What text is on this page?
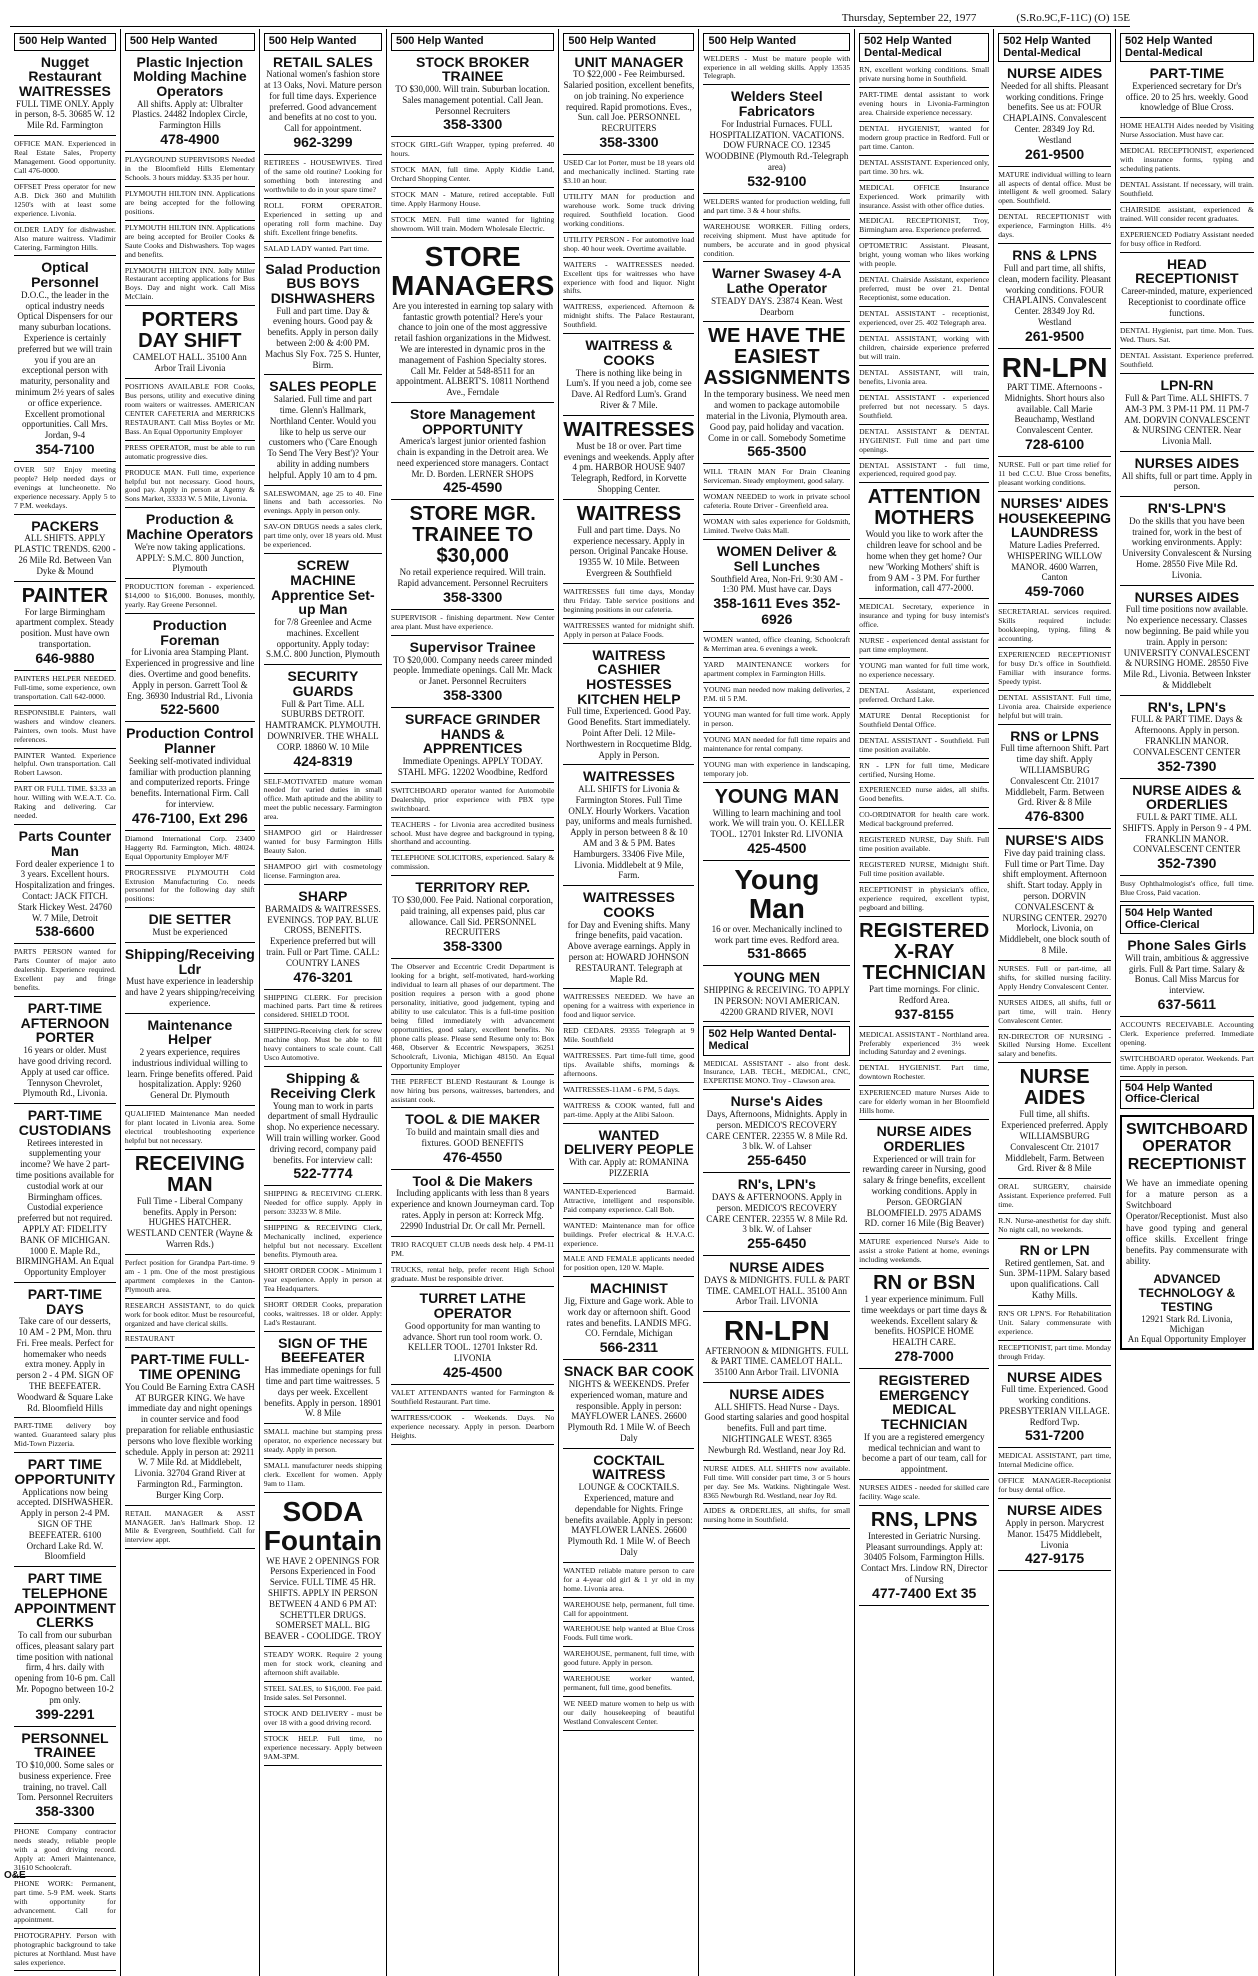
Thursday, September 22, 1977	(S.Ro.9C,F-11C) (O) 15E
500 Help Wanted
Nugget Restaurant WAITRESSES
FULL TIME ONLY. Apply in person, 8-5. 30685 W. 12 Mile Rd. Farmington
OFFICE MAN. Experienced in Real Estate Sales, Property Management. Good opportunity. Call 476-0000.
OFFSET Press operator for new A.B. Dick 360 and Multilith 1250's with at least some experience. Livonia.
OLDER LADY for dishwasher. Also mature waitress. Vladimir Catering, Farmington Hills.
Optical Personnel
D.O.C., the leader in the optical industry needs Optical Dispensers for our many suburban locations. Experience is certainly preferred but we will train you if you are an exceptional person with maturity, personality and minimum 2½ years of sales or office experience. Excellent promotional opportunities. Call Mrs. Jordan, 9-4
354-7100
OVER 50? Enjoy meeting people? Help needed days or evenings at luncheonette. No experience necessary. Apply 5 to 7 P.M. weekdays.
PACKERS
ALL SHIFTS. APPLY PLASTIC TRENDS. 6200 - 26 Mile Rd. Between Van Dyke & Mound
PAINTER
For large Birmingham apartment complex. Steady position. Must have own transportation.
646-9880
PAINTERS HELPER NEEDED. Full-time, some experience, own transportation. Call 642-0000.
RESPONSIBLE Painters, wall washers and window cleaners. Painters, own tools. Must have references.
PAINTER Wanted. Experience helpful. Own transportation. Call Robert Lawson.
PART OR FULL TIME. $3.33 an hour. Willing with W.E.A.T. Co. Raking and delivering. Car needed.
Parts Counter Man
Ford dealer experience 1 to 3 years. Excellent hours. Hospitalization and fringes. Contact: JACK FITCH. Stark Hickey West. 24760 W. 7 Mile, Detroit
538-6600
PARTS PERSON wanted for Parts Counter of major auto dealership. Experience required. Excellent pay and fringe benefits.
PART-TIME AFTERNOON PORTER
16 years or older. Must have good driving record. Apply at used car office. Tennyson Chevrolet, Plymouth Rd., Livonia.
PART-TIME CUSTODIANS
Retirees interested in supplementing your income? We have 2 part-time positions available for custodial work at our Birmingham offices. Custodial experience preferred but not required. APPLY AT: FIDELITY BANK OF MICHIGAN. 1000 E. Maple Rd., BIRMINGHAM. An Equal Opportunity Employer
PART-TIME DAYS
Take care of our desserts, 10 AM - 2 PM, Mon. thru Fri. Free meals. Perfect for homemaker who needs extra money. Apply in person 2 - 4 PM. SIGN OF THE BEEFEATER. Woodward & Square Lake Rd. Bloomfield Hills
PART-TIME delivery boy wanted. Guaranteed salary plus Mid-Town Pizzeria.
PART TIME OPPORTUNITY
Applications now being accepted. DISHWASHER. Apply in person 2-4 PM. SIGN OF THE BEEFEATER. 6100 Orchard Lake Rd. W. Bloomfield
PART TIME TELEPHONE APPOINTMENT CLERKS
To call from our suburban offices, pleasant salary part time position with national firm, 4 hrs. daily with opening from 10-6 pm. Call Mr. Popogno between 10-2 pm only.
399-2291
PERSONNEL TRAINEE
TO $10,000. Some sales or business experience. Free training, no travel. Call Tom. Personnel Recruiters
358-3300
PHONE Company contractor needs steady, reliable people with a good driving record. Apply at: Ameri Maintenance, 31610 Schoolcraft.
PHONE WORK: Permanent, part time. 5-9 P.M. week. Starts with opportunity for advancement. Call for appointment.
PHOTOGRAPHY. Person with photographic background to take pictures at Northland. Must have sales experience.
500 Help Wanted
Plastic Injection Molding Machine Operators
All shifts. Apply at: Ulbralter Plastics. 24482 Indoplex Circle, Farmington Hills
478-4900
PLAYGROUND SUPERVISORS Needed in the Bloomfield Hills Elementary Schools. 3 hours midday. $3.35 per hour.
PLYMOUTH HILTON INN. Applications are being accepted for the following positions.
PLYMOUTH HILTON INN. Applications are being accepted for Broiler Cooks & Saute Cooks and Dishwashers. Top wages and benefits.
PLYMOUTH HILTON INN. Jolly Miller Restaurant accepting applications for Bus Boys. Day and night work. Call Miss McClain.
PORTERS DAY SHIFT
CAMELOT HALL. 35100 Ann Arbor Trail Livonia
POSITIONS AVAILABLE FOR Cooks, Bus persons, utility and executive dining room waiters or waitresses. AMERICAN CENTER CAFETERIA and MERRICKS RESTAURANT. Call Miss Boyles or Mr. Bass. An Equal Opportunity Employer
PRESS OPERATOR, must be able to run automatic progressive dies.
PRODUCE MAN. Full time, experience helpful but not necessary. Good hours, good pay. Apply in person at Agemy & Sons Market, 33333 W. 5 Mile, Livonia.
Production & Machine Operators
We're now taking applications. APPLY: S.M.C. 800 Junction, Plymouth
PRODUCTION foreman - experienced. $14,000 to $16,000. Bonuses, monthly, yearly. Ray Greene Personnel.
Production Foreman
for Livonia area Stamping Plant. Experienced in progressive and line dies. Overtime and good benefits. Apply in person. Garrett Tool & Eng. 36930 Industrial Rd., Livonia
522-5600
Production Control Planner
Seeking self-motivated individual familiar with production planning and computerized reports. Fringe benefits. International Firm. Call for interview.
476-7100, Ext 296
Diamond International Corp. 23400 Haggerty Rd. Farmington, Mich. 48024. Equal Opportunity Employer M/F
PROGRESSIVE PLYMOUTH Cold Extrusion Manufacturing Co. needs personnel for the following day shift positions:
DIE SETTER
Must be experienced
Shipping/Receiving Ldr
Must have experience in leadership and have 2 years shipping/receiving experience.
Maintenance Helper
2 years experience, requires industrious individual willing to learn. Fringe benefits offered. Paid hospitalization. Apply: 9260 General Dr. Plymouth
QUALIFIED Maintenance Man needed for plant located in Livonia area. Some electrical troubleshooting experience helpful but not necessary.
RECEIVING MAN
Full Time - Liberal Company benefits. Apply in Person: HUGHES HATCHER. WESTLAND CENTER (Wayne & Warren Rds.)
Perfect position for Grandpa Part-time. 9 am - 1 pm. One of the most prestigious apartment complexes in the Canton-Plymouth area.
RESEARCH ASSISTANT, to do quick work for book editor. Must be resourceful, organized and have clerical skills.
RESTAURANT
PART-TIME FULL-TIME OPENING
You Could Be Earning Extra CASH AT BURGER KING. We have immediate day and night openings in counter service and food preparation for reliable enthusiastic persons who love flexible working schedule. Apply in person at: 29211 W. 7 Mile Rd. at Middlebelt, Livonia. 32704 Grand River at Farmington Rd., Farmington. Burger King Corp.
RETAIL MANAGER & ASST MANAGER. Jan's Hallmark Shop. 12 Mile & Evergreen, Southfield. Call for interview appt.
500 Help Wanted
RETAIL SALES
National women's fashion store at 13 Oaks, Novi. Mature person for full time days. Experience preferred. Good advancement and benefits at no cost to you. Call for appointment.
962-3299
RETIREES - HOUSEWIVES. Tired of the same old routine? Looking for something both interesting and worthwhile to do in your spare time?
ROLL FORM OPERATOR. Experienced in setting up and operating roll form machine. Day shift. Excellent fringe benefits.
SALAD LADY wanted. Part time.
Salad Production BUS BOYS DISHWASHERS
Full and part time. Day & evening hours. Good pay & benefits. Apply in person daily between 2:00 & 4:00 PM. Machus Sly Fox. 725 S. Hunter, Birm.
SALES PEOPLE
Salaried. Full time and part time. Glenn's Hallmark, Northland Center. Would you like to help us serve our customers who ('Care Enough To Send The Very Best')? Your ability in adding numbers helpful. Apply 10 am to 4 pm.
SALESWOMAN, age 25 to 40. Fine linens and bath accessories. No evenings. Apply in person only.
SAV-ON DRUGS needs a sales clerk, part time only, over 18 years old. Must be experienced.
SCREW MACHINE Apprentice Set-up Man
for 7/8 Greenlee and Acme machines. Excellent opportunity. Apply today: S.M.C. 800 Junction, Plymouth
SECURITY GUARDS
Full & Part Time. ALL SUBURBS DETROIT. HAMTRAMCK. PLYMOUTH. DOWNRIVER. THE WHALL CORP. 18860 W. 10 Mile
424-8319
SELF-MOTIVATED mature woman needed for varied duties in small office. Math aptitude and the ability to meet the public necessary. Farmington area.
SHAMPOO girl or Hairdresser wanted for busy Farmington Hills Beauty Salon.
SHAMPOO girl with cosmetology license. Farmington area.
SHARP
BARMAIDS & WAITRESSES. EVENINGS. TOP PAY. BLUE CROSS, BENEFITS. Experience preferred but will train. Full or Part Time. CALL: COUNTRY LANES
476-3201
SHIPPING CLERK. For precision machined parts. Part time & retirees considered. SHIELD TOOL
SHIPPING-Receiving clerk for screw machine shop. Must be able to fill heavy containers to scale count. Call Usco Automotive.
Shipping & Receiving Clerk
Young man to work in parts department of small Hydraulic shop. No experience necessary. Will train willing worker. Good driving record, company paid benefits. For interview call:
522-7774
SHIPPING & RECEIVING CLERK. Needed for office supply. Apply in person: 33233 W. 8 Mile.
SHIPPING & RECEIVING Clerk, Mechanically inclined, experience helpful but not necessary. Excellent benefits. Plymouth area.
SHORT ORDER COOK - Minimum 1 year experience. Apply in person at Tea Headquarters.
SHORT ORDER Cooks, preparation cooks, waitresses. 18 or older. Apply: Lad's Restaurant.
SIGN OF THE BEEFEATER
Has immediate openings for full time and part time waitresses. 5 days per week. Excellent benefits. Apply in person. 18901 W. 8 Mile
SMALL machine but stamping press operator, no experience necessary but steady. Apply in person.
SMALL manufacturer needs shipping clerk. Excellent for women. Apply 9am to 11am.
SODA Fountain
WE HAVE 2 OPENINGS FOR Persons Experienced in Food Service. FULL TIME 45 HR. SHIFTS. APPLY IN PERSON BETWEEN 4 AND 6 PM AT: SCHETTLER DRUGS. SOMERSET MALL. BIG BEAVER - COOLIDGE. TROY
STEADY WORK. Require 2 young men for stock work, cleaning and afternoon shift available.
STEEL SALES, to $16,000. Fee paid. Inside sales. Sel Personnel.
STOCK AND DELIVERY - must be over 18 with a good driving record.
STOCK HELP. Full time, no experience necessary. Apply between 9AM-3PM.
500 Help Wanted
STOCK BROKER TRAINEE
TO $30,000. Will train. Suburban location. Sales management potential. Call Jean. Personnel Recruiters
358-3300
STOCK GIRL-Gift Wrapper, typing preferred. 40 hours.
STOCK MAN, full time. Apply Kiddie Land, Orchard Shopping Center.
STOCK MAN - Mature, retired acceptable. Full time. Apply Harmony House.
STOCK MEN. Full time wanted for lighting showroom. Will train. Modern Wholesale Electric.
STORE MANAGERS
Are you interested in earning top salary with fantastic growth potential? Here's your chance to join one of the most aggressive retail fashion organizations in the Midwest. We are interested in dynamic pros in the management of Fashion Specialty stores. Call Mr. Felder at 548-8511 for an appointment. ALBERT'S. 10811 Northend Ave., Ferndale
Store Management OPPORTUNITY
America's largest junior oriented fashion chain is expanding in the Detroit area. We need experienced store managers. Contact Mr. D. Borden. LERNER SHOPS
425-4590
STORE MGR. TRAINEE TO $30,000
No retail experience required. Will train. Rapid advancement. Personnel Recruiters
358-3300
SUPERVISOR - finishing department. New Center area plant. Must have experience.
Supervisor Trainee
TO $20,000. Company needs career minded people. Immediate openings. Call Mr. Mack or Janet. Personnel Recruiters
358-3300
SURFACE GRINDER HANDS & APPRENTICES
Immediate Openings. APPLY TODAY. STAHL MFG. 12202 Woodbine, Redford
SWITCHBOARD operator wanted for Automobile Dealership, prior experience with PBX type switchboard.
TEACHERS - for Livonia area accredited business school. Must have degree and background in typing, shorthand and accounting.
TELEPHONE SOLICITORS, experienced. Salary & commission.
TERRITORY REP.
TO $30,000. Fee Paid. National corporation, paid training, all expenses paid, plus car allowance. Call Sid. PERSONNEL RECRUITERS
358-3300
The Observer and Eccentric Credit Department is looking for a bright, self-motivated, hard-working individual to learn all phases of our department. The position requires a person with a good phone personality, initiative, good judgement, typing and ability to use calculator. This is a full-time position being filled immediately with advancement opportunities, good salary, excellent benefits. No phone calls please. Please send Resume only to: Box 468, Observer & Eccentric Newspapers, 36251 Schoolcraft, Livonia, Michigan 48150. An Equal Opportunity Employer
THE PERFECT BLEND Restaurant & Lounge is now hiring bus persons, waitresses, bartenders, and assistant cook.
TOOL & DIE MAKER
To build and maintain small dies and fixtures. GOOD BENEFITS
476-4550
Tool & Die Makers
Including applicants with less than 8 years experience and known Journeyman card. Top rates. Apply in person at: Korreck Mfg. 22990 Industrial Dr. Or call Mr. Pernell.
TRIO RACQUET CLUB needs desk help. 4 PM-11 PM.
TRUCKS, rental help, prefer recent High School graduate. Must be responsible driver.
TURRET LATHE OPERATOR
Good opportunity for man wanting to advance. Short run tool room work. O. KELLER TOOL. 12701 Inkster Rd. LIVONIA
425-4500
VALET ATTENDANTS wanted for Farmington & Southfield Restaurant. Part time.
WAITRESS/COOK - Weekends. Days. No experience necessary. Apply in person. Dearborn Heights.
500 Help Wanted
UNIT MANAGER
TO $22,000 - Fee Reimbursed. Salaried position, excellent benefits, on job training. No experience required. Rapid promotions. Eves., Sun. call Joe. PERSONNEL RECRUITERS
358-3300
USED Car lot Porter, must be 18 years old and mechanically inclined. Starting rate $3.10 an hour.
UTILITY MAN for production and warehouse work. Some truck driving required. Southfield location. Good working conditions.
UTILITY PERSON - For automotive load shop. 40 hour week. Overtime available.
WAITERS - WAITRESSES needed. Excellent tips for waitresses who have experience with food and liquor. Night shifts.
WAITRESS, experienced. Afternoon & midnight shifts. The Palace Restaurant, Southfield.
WAITRESS & COOKS
There is nothing like being in Lum's. If you need a job, come see Dave. Al Redford Lum's. Grand River & 7 Mile.
WAITRESSES
Must be 18 or over. Part time evenings and weekends. Apply after 4 pm. HARBOR HOUSE 9407 Telegraph, Redford, in Korvette Shopping Center.
WAITRESS
Full and part time. Days. No experience necessary. Apply in person. Original Pancake House. 19355 W. 10 Mile. Between Evergreen & Southfield
WAITRESSES full time days, Monday thru Friday. Table service positions and beginning positions in our cafeteria.
WAITRESSES wanted for midnight shift. Apply in person at Palace Foods.
WAITRESS CASHIER HOSTESSES KITCHEN HELP
Full time, Experienced. Good Pay. Good Benefits. Start immediately. Point After Deli. 12 Mile-Northwestern in Rocquetime Bldg. Apply in Person.
WAITRESSES
ALL SHIFTS for Livonia & Farmington Stores. Full Time ONLY. Hourly Workers. Vacation pay, uniforms and meals furnished. Apply in person between 8 & 10 AM and 3 & 5 PM. Bates Hamburgers. 33406 Five Mile, Livonia. Middlebelt at 9 Mile, Farm.
WAITRESSES COOKS
for Day and Evening shifts. Many fringe benefits, paid vacation. Above average earnings. Apply in person at: HOWARD JOHNSON RESTAURANT. Telegraph at Maple Rd.
WAITRESSES NEEDED. We have an opening for a waitress with experience in food and liquor service.
RED CEDARS. 29355 Telegraph at 9 Mile. Southfield
WAITRESSES. Part time-full time, good tips. Available shifts, mornings & afternoons.
WAITRESSES-11AM - 6 PM, 5 days.
WAITRESS & COOK wanted, full and part-time. Apply at the Alibi Saloon.
WANTED DELIVERY PEOPLE
With car. Apply at: ROMANINA PIZZERIA
WANTED-Experienced Barmaid. Attractive, intelligent and responsible. Paid company experience. Call Bob.
WANTED: Maintenance man for office buildings. Prefer electrical & H.V.A.C. experience.
MALE AND FEMALE applicants needed for position open, 120 W. Maple.
MACHINIST
Jig, Fixture and Gage work. Able to work day or afternoon shift. Good rates and benefits. LANDIS MFG. CO. Ferndale, Michigan
566-2311
SNACK BAR COOK
NIGHTS & WEEKENDS. Prefer experienced woman, mature and responsible. Apply in person: MAYFLOWER LANES. 26600 Plymouth Rd. 1 Mile W. of Beech Daly
COCKTAIL WAITRESS
LOUNGE & COCKTAILS. Experienced, mature and dependable for Nights. Fringe benefits available. Apply in person: MAYFLOWER LANES. 26600 Plymouth Rd. 1 Mile W. of Beech Daly
WANTED reliable mature person to care for a 4-year old girl & 1 yr old in my home. Livonia area.
WAREHOUSE help, permanent, full time. Call for appointment.
WAREHOUSE help wanted at Blue Cross Foods. Full time work.
WAREHOUSE, permanent, full time, with good future. Apply in person.
WAREHOUSE worker wanted, permanent, full time, good benefits.
WE NEED mature women to help us with our daily housekeeping of beautiful Westland Convalescent Center.
500 Help Wanted
WELDERS - Must be mature people with experience in all welding skills. Apply 13535 Telegraph.
Welders Steel Fabricators
For Industrial Furnaces. FULL HOSPITALIZATION. VACATIONS. DOW FURNACE CO. 12345 WOODBINE (Plymouth Rd.-Telegraph area)
532-9100
WELDERS wanted for production welding, full and part time. 3 & 4 hour shifts.
WAREHOUSE WORKER. Filling orders, receiving shipment. Must have aptitude for numbers, be accurate and in good physical condition.
Warner Swasey 4-A Lathe Operator
STEADY DAYS. 23874 Kean. West Dearborn
WE HAVE THE EASIEST ASSIGNMENTS
In the temporary business. We need men and women to package automobile material in the Livonia, Plymouth area. Good pay, paid holiday and vacation. Come in or call. Somebody Sometime
565-3500
WILL TRAIN MAN For Drain Cleaning Serviceman. Steady employment, good salary.
WOMAN NEEDED to work in private school cafeteria. Route Driver - Greenfield area.
WOMAN with sales experience for Goldsmith, Limited. Twelve Oaks Mall.
WOMEN Deliver & Sell Lunches
Southfield Area, Non-Fri. 9:30 AM - 1:30 PM. Must have car. Days
358-1611 Eves 352-6926
WOMEN wanted, office cleaning, Schoolcraft & Merriman area. 6 evenings a week.
YARD MAINTENANCE workers for apartment complex in Farmington Hills.
YOUNG man needed now making deliveries, 2 P.M. til 5 P.M.
YOUNG man wanted for full time work. Apply in person.
YOUNG MAN needed for full time repairs and maintenance for rental company.
YOUNG man with experience in landscaping, temporary job.
YOUNG MAN
Willing to learn machining and tool work. We will train you. O. KELLER TOOL. 12701 Inkster Rd. LIVONIA
425-4500
Young Man
16 or over. Mechanically inclined to work part time eves. Redford area.
531-8665
YOUNG MEN
SHIPPING & RECEIVING. TO APPLY IN PERSON: NOVI AMERICAN. 42200 GRAND RIVER, NOVI
502 Help Wanted Dental-Medical
MEDICAL ASSISTANT - also front desk. Insurance, LAB. TECH., MEDICAL, CNC, EXPERTISE MONO. Troy - Clawson area.
Nurse's Aides
Days, Afternoons, Midnights. Apply in person. MEDICO'S RECOVERY CARE CENTER. 22355 W. 8 Mile Rd. 3 blk. W. of Lahser
255-6450
RN's, LPN's
DAYS & AFTERNOONS. Apply in person. MEDICO'S RECOVERY CARE CENTER. 22355 W. 8 Mile Rd. 3 blk. W. of Lahser
255-6450
NURSE AIDES
DAYS & MIDNIGHTS. FULL & PART TIME. CAMELOT HALL. 35100 Ann Arbor Trail. LIVONIA
RN-LPN
AFTERNOON & MIDNIGHTS. FULL & PART TIME. CAMELOT HALL. 35100 Ann Arbor Trail. LIVONIA
NURSE AIDES
ALL SHIFTS. Head Nurse - Days. Good starting salaries and good hospital benefits. Full and part time. NIGHTINGALE WEST. 8365 Newburgh Rd. Westland, near Joy Rd.
NURSE AIDES. ALL SHIFTS now available. Full time. Will consider part time, 3 or 5 hours per day. See Ms. Watkins. Nightingale West. 8365 Newburgh Rd. Westland, near Joy Rd.
AIDES & ORDERLIES, all shifts, for small nursing home in Southfield.
502 Help Wanted Dental-Medical
RN, excellent working conditions. Small private nursing home in Southfield.
PART-TIME dental assistant to work evening hours in Livonia-Farmington area. Chairside experience necessary.
DENTAL HYGIENIST, wanted for modern group practice in Redford. Full or part time. Canton.
DENTAL ASSISTANT. Experienced only, part time. 30 hrs. wk.
MEDICAL OFFICE Insurance Experienced. Work primarily with insurance. Assist with other office duties.
MEDICAL RECEPTIONIST, Troy, Birmingham area. Experience preferred.
OPTOMETRIC Assistant. Pleasant, bright, young woman who likes working with people.
DENTAL Chairside Assistant, experience preferred, must be over 21. Dental Receptionist, some education.
DENTAL ASSISTANT - receptionist, experienced, over 25. 402 Telegraph area.
DENTAL ASSISTANT, working with children, chairside experience preferred but will train.
DENTAL ASSISTANT, will train, benefits, Livonia area.
DENTAL ASSISTANT - experienced preferred but not necessary. 5 days. Southfield.
DENTAL ASSISTANT & DENTAL HYGIENIST. Full time and part time openings.
DENTAL ASSISTANT - full time, experienced, required good pay.
ATTENTION MOTHERS
Would you like to work after the children leave for school and be home when they get home? Our new 'Working Mothers' shift is from 9 AM - 3 PM. For further information, call 477-2000.
MEDICAL Secretary, experience in insurance and typing for busy internist's office.
NURSE - experienced dental assistant for part time employment.
YOUNG man wanted for full time work, no experience necessary.
DENTAL Assistant, experienced preferred. Orchard Lake.
MATURE Dental Receptionist for Southfield Dental Office.
DENTAL ASSISTANT - Southfield. Full time position available.
RN - LPN for full time, Medicare certified, Nursing Home.
EXPERIENCED nurse aides, all shifts. Good benefits.
CO-ORDINATOR for health care work. Medical background preferred.
REGISTERED NURSE, Day Shift. Full time position available.
REGISTERED NURSE, Midnight Shift. Full time position available.
RECEPTIONIST in physician's office, experience required, excellent typist, pegboard and billing.
REGISTERED X-RAY TECHNICIAN
Part time mornings. For clinic. Redford Area.
937-8155
MEDICAL ASSISTANT - Northland area. Preferably experienced 3½ week including Saturday and 2 evenings.
DENTAL HYGIENIST. Part time, downtown Rochester.
EXPERIENCED mature Nurses Aide to care for elderly woman in her Bloomfield Hills home.
NURSE AIDES ORDERLIES
Experienced or will train for rewarding career in Nursing, good salary & fringe benefits, excellent working conditions. Apply in Person. GEORGIAN BLOOMFIELD. 2975 ADAMS RD. corner 16 Mile (Big Beaver)
MATURE experienced Nurse's Aide to assist a stroke Patient at home, evenings including weekends.
RN or BSN
1 year experience minimum. Full time weekdays or part time days & weekends. Excellent salary & benefits. HOSPICE HOME HEALTH CARE.
278-7000
REGISTERED EMERGENCY MEDICAL TECHNICIAN
If you are a registered emergency medical technician and want to become a part of our team, call for appointment.
NURSES AIDES - needed for skilled care facility. Wage scale.
RNS, LPNS
Interested in Geriatric Nursing. Pleasant surroundings. Apply at: 30405 Folsom, Farmington Hills. Contact Mrs. Lindow RN, Director of Nursing
477-7400 Ext 35
502 Help Wanted Dental-Medical
NURSE AIDES
Needed for all shifts. Pleasant working conditions. Fringe benefits. See us at: FOUR CHAPLAINS. Convalescent Center. 28349 Joy Rd. Westland
261-9500
MATURE individual willing to learn all aspects of dental office. Must be intelligent & well groomed. Salary open. Southfield.
DENTAL RECEPTIONIST with experience, Farmington Hills. 4½ days.
RNS & LPNS
Full and part time, all shifts, clean, modern facility. Pleasant working conditions. FOUR CHAPLAINS. Convalescent Center. 28349 Joy Rd. Westland
261-9500
RN-LPN
PART TIME. Afternoons - Midnights. Short hours also available. Call Marie Beauchamp, Westland Convalescent Center.
728-6100
NURSE. Full or part time relief for 11 bed C.C.U. Blue Cross benefits, pleasant working conditions.
NURSES' AIDES HOUSEKEEPING LAUNDRESS
Mature Ladies Preferred. WHISPERING WILLOW MANOR. 4600 Warren, Canton
459-7060
SECRETARIAL services required. Skills required include: bookkeeping, typing, filing & accounting.
EXPERIENCED RECEPTIONIST for busy Dr.'s office in Southfield. Familiar with insurance forms. Speedy typist.
DENTAL ASSISTANT. Full time, Livonia area. Chairside experience helpful but will train.
RNS or LPNS
Full time afternoon Shift. Part time day shift. Apply WILLIAMSBURG Convalescent Ctr. 21017 Middlebelt, Farm. Between Grd. River & 8 Mile
476-8300
NURSE'S AIDS
Five day paid training class. Full time or Part Time. Day shift employment. Afternoon shift. Start today. Apply in person. DORVIN CONVALESCENT & NURSING CENTER. 29270 Morlock, Livonia, on Middlebelt, one block south of 8 Mile.
NURSES. Full or part-time, all shifts, for skilled nursing facility. Apply Hendry Convalescent Center.
NURSES AIDES, all shifts, full or part time, will train. Henry Convalescent Center.
RN-DIRECTOR OF NURSING - Skilled Nursing Home. Excellent salary and benefits.
NURSE AIDES
Full time, all shifts. Experienced preferred. Apply WILLIAMSBURG Convalescent Ctr. 21017 Middlebelt, Farm. Between Grd. River & 8 Mile
ORAL SURGERY, chairside Assistant. Experience preferred. Full time.
R.N. Nurse-anesthetist for day shift. No night call, no weekends.
RN or LPN
Retired gentlemen, Sat. and Sun. 3PM-11PM. Salary based upon qualifications. Call Kathy Mills.
RN'S OR LPN'S. For Rehabilitation Unit. Salary commensurate with experience.
RECEPTIONIST, part time. Monday through Friday.
NURSE AIDES
Full time. Experienced. Good working conditions. PRESBYTERIAN VILLAGE. Redford Twp.
531-7200
MEDICAL ASSISTANT, part time, Internal Medicine office.
OFFICE MANAGER-Receptionist for busy dental office.
NURSE AIDES
Apply in person. Marycrest Manor. 15475 Middlebelt, Livonia
427-9175
502 Help Wanted Dental-Medical
PART-TIME
Experienced secretary for Dr's office. 20 to 25 hrs. weekly. Good knowledge of Blue Cross.
HOME HEALTH Aides needed by Visiting Nurse Association. Must have car.
MEDICAL RECEPTIONIST, experienced with insurance forms, typing and scheduling patients.
DENTAL Assistant. If necessary, will train. Southfield.
CHAIRSIDE assistant, experienced & trained. Will consider recent graduates.
EXPERIENCED Podiatry Assistant needed for busy office in Redford.
HEAD RECEPTIONIST
Career-minded, mature, experienced Receptionist to coordinate office functions.
DENTAL Hygienist, part time. Mon. Tues. Wed. Thurs. Sat.
DENTAL Assistant. Experience preferred. Southfield.
LPN-RN
Full & Part Time. ALL SHIFTS. 7 AM-3 PM. 3 PM-11 PM. 11 PM-7 AM. DORVIN CONVALESCENT & NURSING CENTER. Near Livonia Mall.
NURSES AIDES
All shifts, full or part time. Apply in person.
RN'S-LPN'S
Do the skills that you have been trained for, work in the best of working environments. Apply: University Convalescent & Nursing Home. 28550 Five Mile Rd. Livonia.
NURSES AIDES
Full time positions now available. No experience necessary. Classes now beginning. Be paid while you train. Apply in person: UNIVERSITY CONVALESCENT & NURSING HOME. 28550 Five Mile Rd., Livonia. Between Inkster & Middlebelt
RN's, LPN's
FULL & PART TIME. Days & Afternoons. Apply in person. FRANKLIN MANOR. CONVALESCENT CENTER
352-7390
NURSE AIDES & ORDERLIES
FULL & PART TIME. ALL SHIFTS. Apply in Person 9 - 4 PM. FRANKLIN MANOR. CONVALESCENT CENTER
352-7390
Busy Ophthalmologist's office, full time. Blue Cross, Paid vacation.
504 Help Wanted Office-Clerical
Phone Sales Girls
Will train, ambitious & aggressive girls. Full & Part time. Salary & Bonus. Call Miss Marcus for interview.
637-5611
ACCOUNTS RECEIVABLE. Accounting Clerk. Experience preferred. Immediate opening.
SWITCHBOARD operator. Weekends. Part time. Apply in person.
504 Help Wanted Office-Clerical
SWITCHBOARD OPERATOR RECEPTIONIST
We have an immediate opening for a mature person as a Switchboard Operator/Receptionist. Must also have good typing and general office skills. Excellent fringe benefits. Pay commensurate with ability.
ADVANCED TECHNOLOGY & TESTING
12921 Stark Rd. Livonia, Michigan
An Equal Opportunity Employer
O&E
